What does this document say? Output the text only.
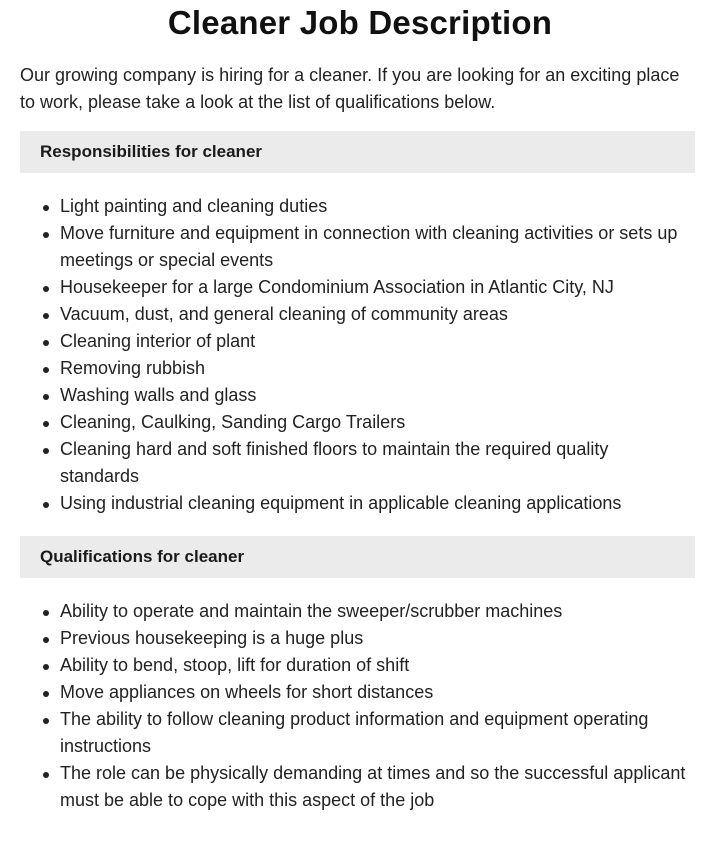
Cleaner Job Description

Our growing company is hiring for a cleaner. If you are looking for an exciting place to work, please take a look at the list of qualifications below.

Responsibilities for cleaner
Light painting and cleaning duties
Move furniture and equipment in connection with cleaning activities or sets up meetings or special events
Housekeeper for a large Condominium Association in Atlantic City, NJ
Vacuum, dust, and general cleaning of community areas
Cleaning interior of plant
Removing rubbish
Washing walls and glass
Cleaning, Caulking, Sanding Cargo Trailers
Cleaning hard and soft finished floors to maintain the required quality standards
Using industrial cleaning equipment in applicable cleaning applications
Qualifications for cleaner
Ability to operate and maintain the sweeper/scrubber machines
Previous housekeeping is a huge plus
Ability to bend, stoop, lift for duration of shift
Move appliances on wheels for short distances
The ability to follow cleaning product information and equipment operating instructions
The role can be physically demanding at times and so the successful applicant must be able to cope with this aspect of the job
